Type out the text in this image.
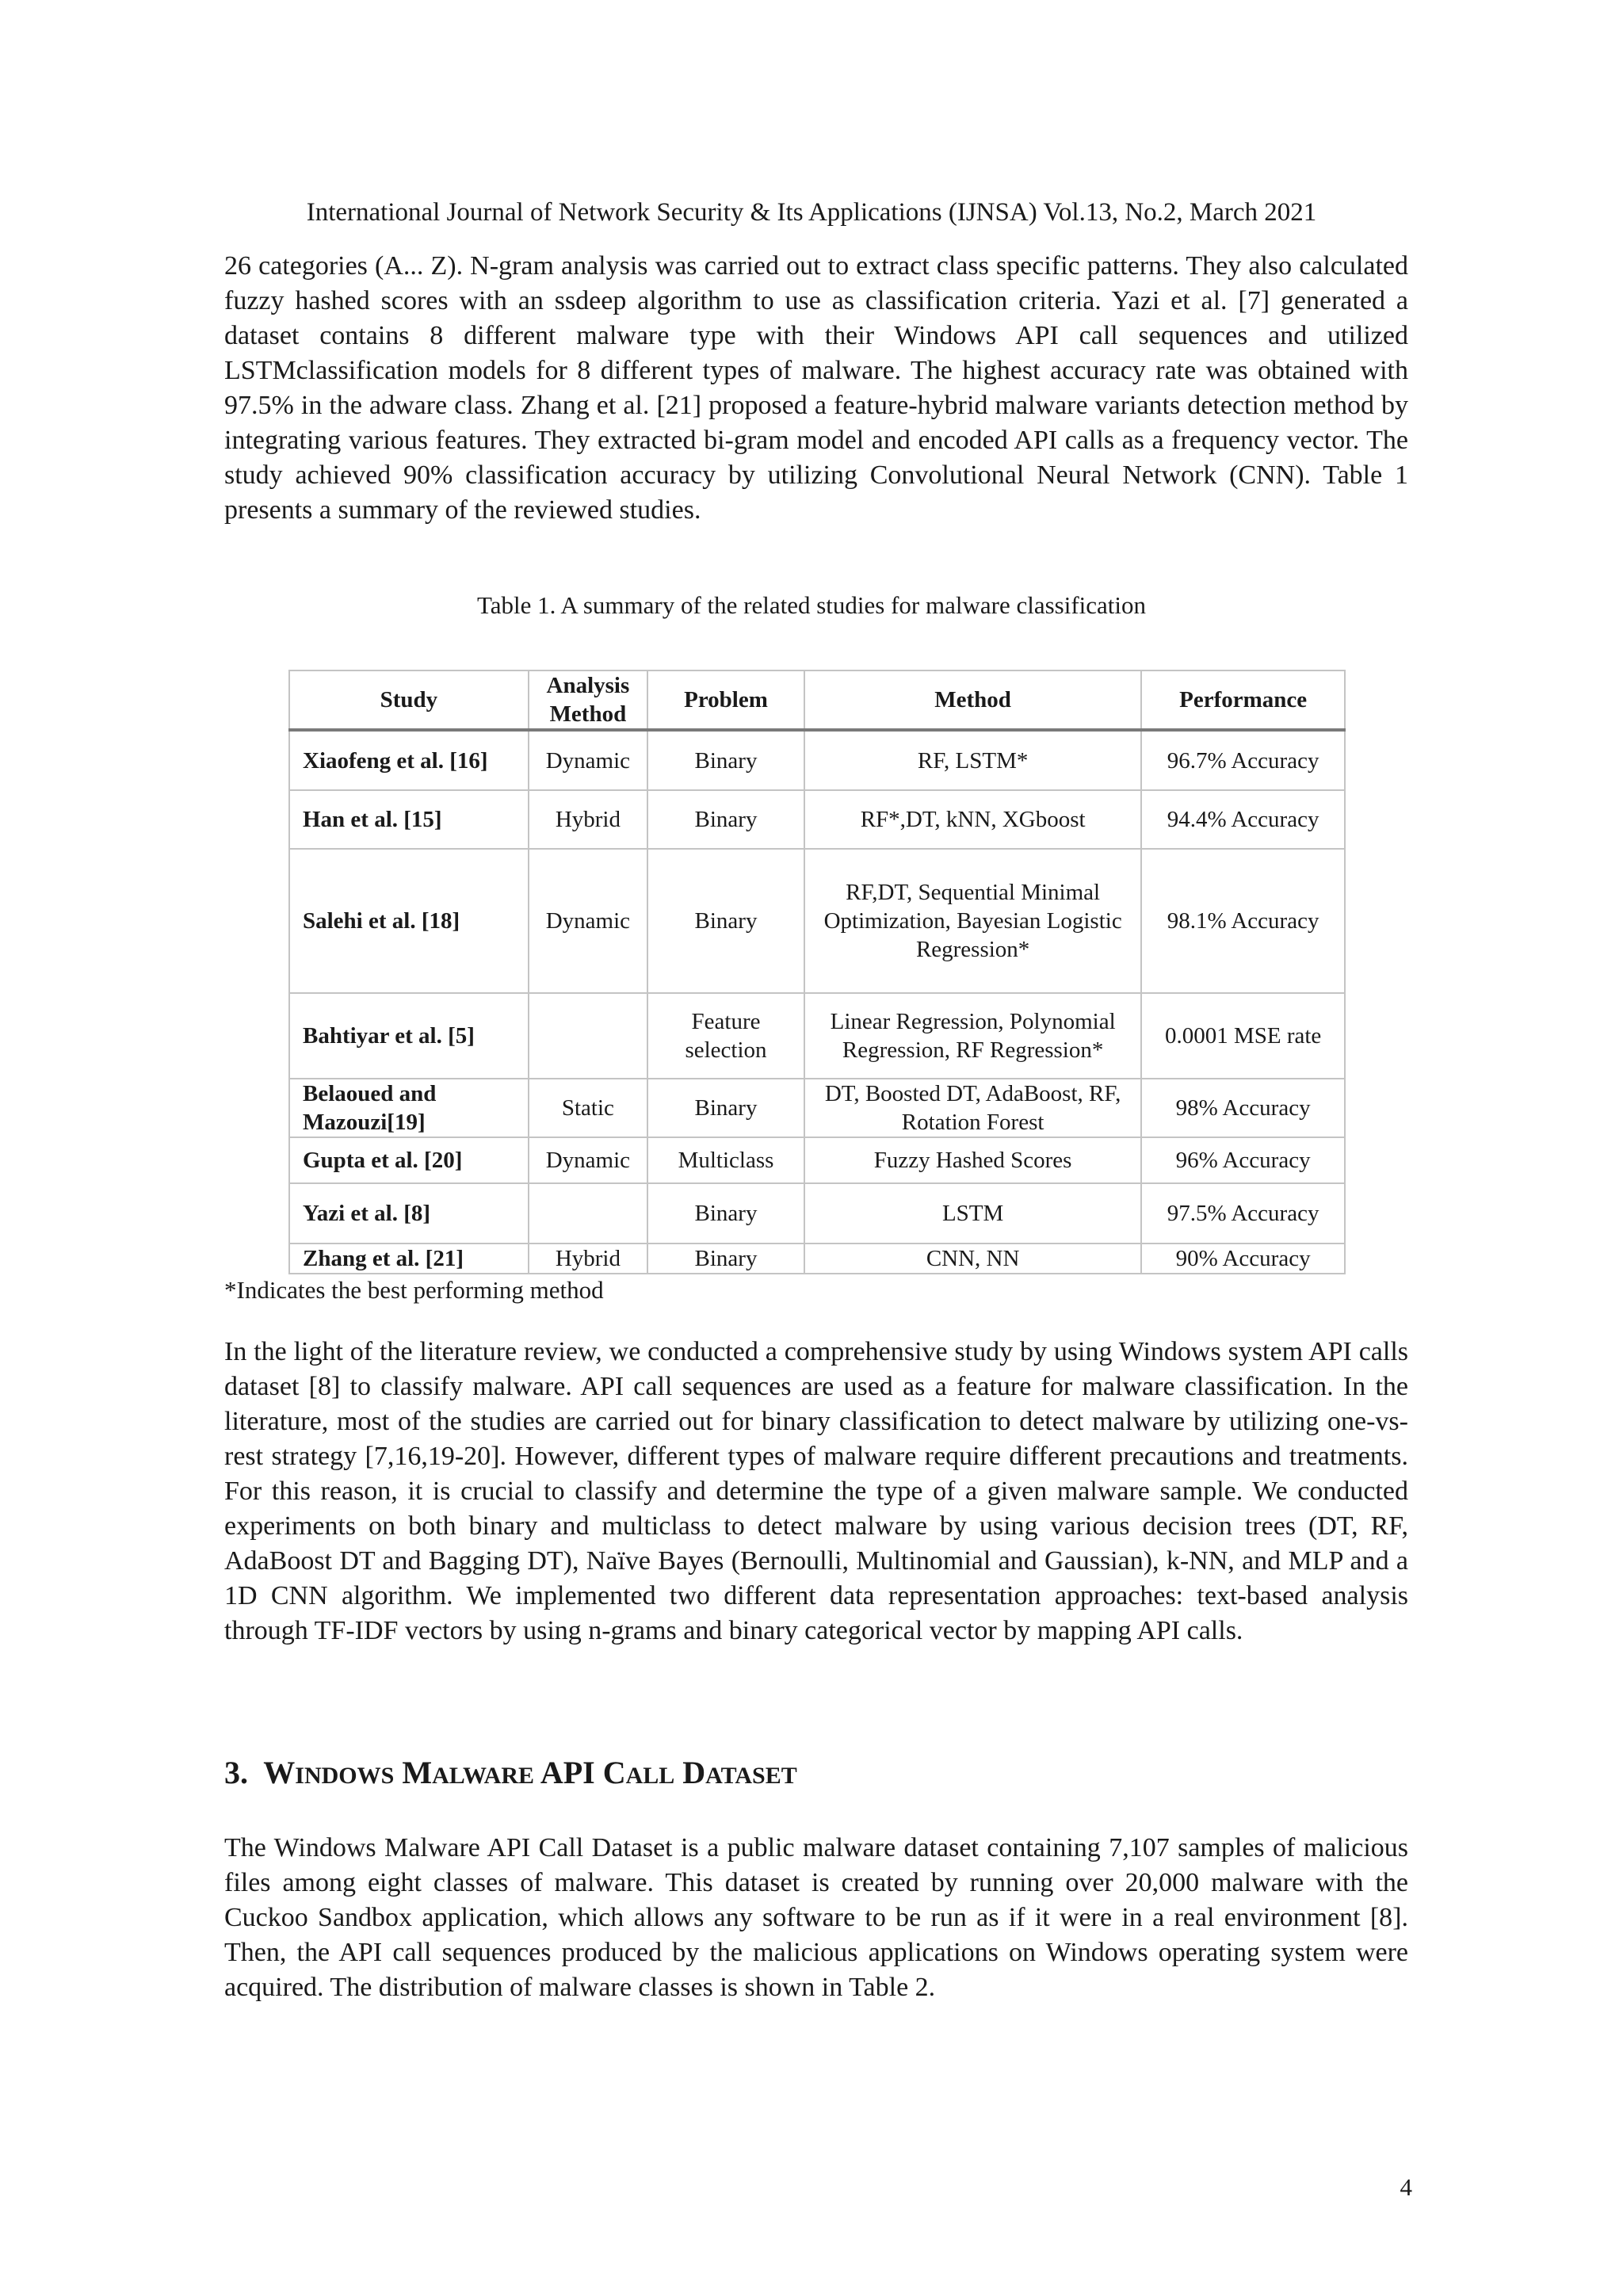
International Journal of Network Security & Its Applications (IJNSA) Vol.13, No.2, March 2021

26 categories (A... Z). N-gram analysis was carried out to extract class specific patterns. They also calculated fuzzy hashed scores with an ssdeep algorithm to use as classification criteria. Yazi et al. [7] generated a dataset contains 8 different malware type with their Windows API call sequences and utilized LSTMclassification models for 8 different types of malware. The highest accuracy rate was obtained with 97.5% in the adware class. Zhang et al. [21] proposed a feature-hybrid malware variants detection method by integrating various features. They extracted bi-gram model and encoded API calls as a frequency vector. The study achieved 90% classification accuracy by utilizing Convolutional Neural Network (CNN). Table 1 presents a summary of the reviewed studies.

Table 1. A summary of the related studies for malware classification
Study	Analysis Method	Problem	Method	Performance
Xiaofeng et al. [16]	Dynamic	Binary	RF, LSTM*	96.7% Accuracy
Han et al. [15]	Hybrid	Binary	RF*,DT, kNN, XGboost	94.4% Accuracy
Salehi et al. [18]	Dynamic	Binary	RF,DT, Sequential Minimal Optimization, Bayesian Logistic Regression*	98.1% Accuracy
Bahtiyar et al. [5]		Feature selection	Linear Regression, Polynomial Regression, RF Regression*	0.0001 MSE rate
Belaoued and Mazouzi[19]	Static	Binary	DT, Boosted DT, AdaBoost, RF, Rotation Forest	98% Accuracy
Gupta et al. [20]	Dynamic	Multiclass	Fuzzy Hashed Scores	96% Accuracy
Yazi et al. [8]		Binary	LSTM	97.5% Accuracy
Zhang et al. [21]	Hybrid	Binary	CNN, NN	90% Accuracy
*Indicates the best performing method

In the light of the literature review, we conducted a comprehensive study by using Windows system API calls dataset [8] to classify malware. API call sequences are used as a feature for malware classification. In the literature, most of the studies are carried out for binary classification to detect malware by utilizing one-vs-rest strategy [7,16,19-20]. However, different types of malware require different precautions and treatments. For this reason, it is crucial to classify and determine the type of a given malware sample. We conducted experiments on both binary and multiclass to detect malware by using various decision trees (DT, RF, AdaBoost DT and Bagging DT), Naïve Bayes (Bernoulli, Multinomial and Gaussian), k-NN, and MLP and a 1D CNN algorithm. We implemented two different data representation approaches: text-based analysis through TF-IDF vectors by using n-grams and binary categorical vector by mapping API calls.

3. WINDOWS MALWARE API CALL DATASET

The Windows Malware API Call Dataset is a public malware dataset containing 7,107 samples of malicious files among eight classes of malware. This dataset is created by running over 20,000 malware with the Cuckoo Sandbox application, which allows any software to be run as if it were in a real environment [8]. Then, the API call sequences produced by the malicious applications on Windows operating system were acquired. The distribution of malware classes is shown in Table 2.

4
